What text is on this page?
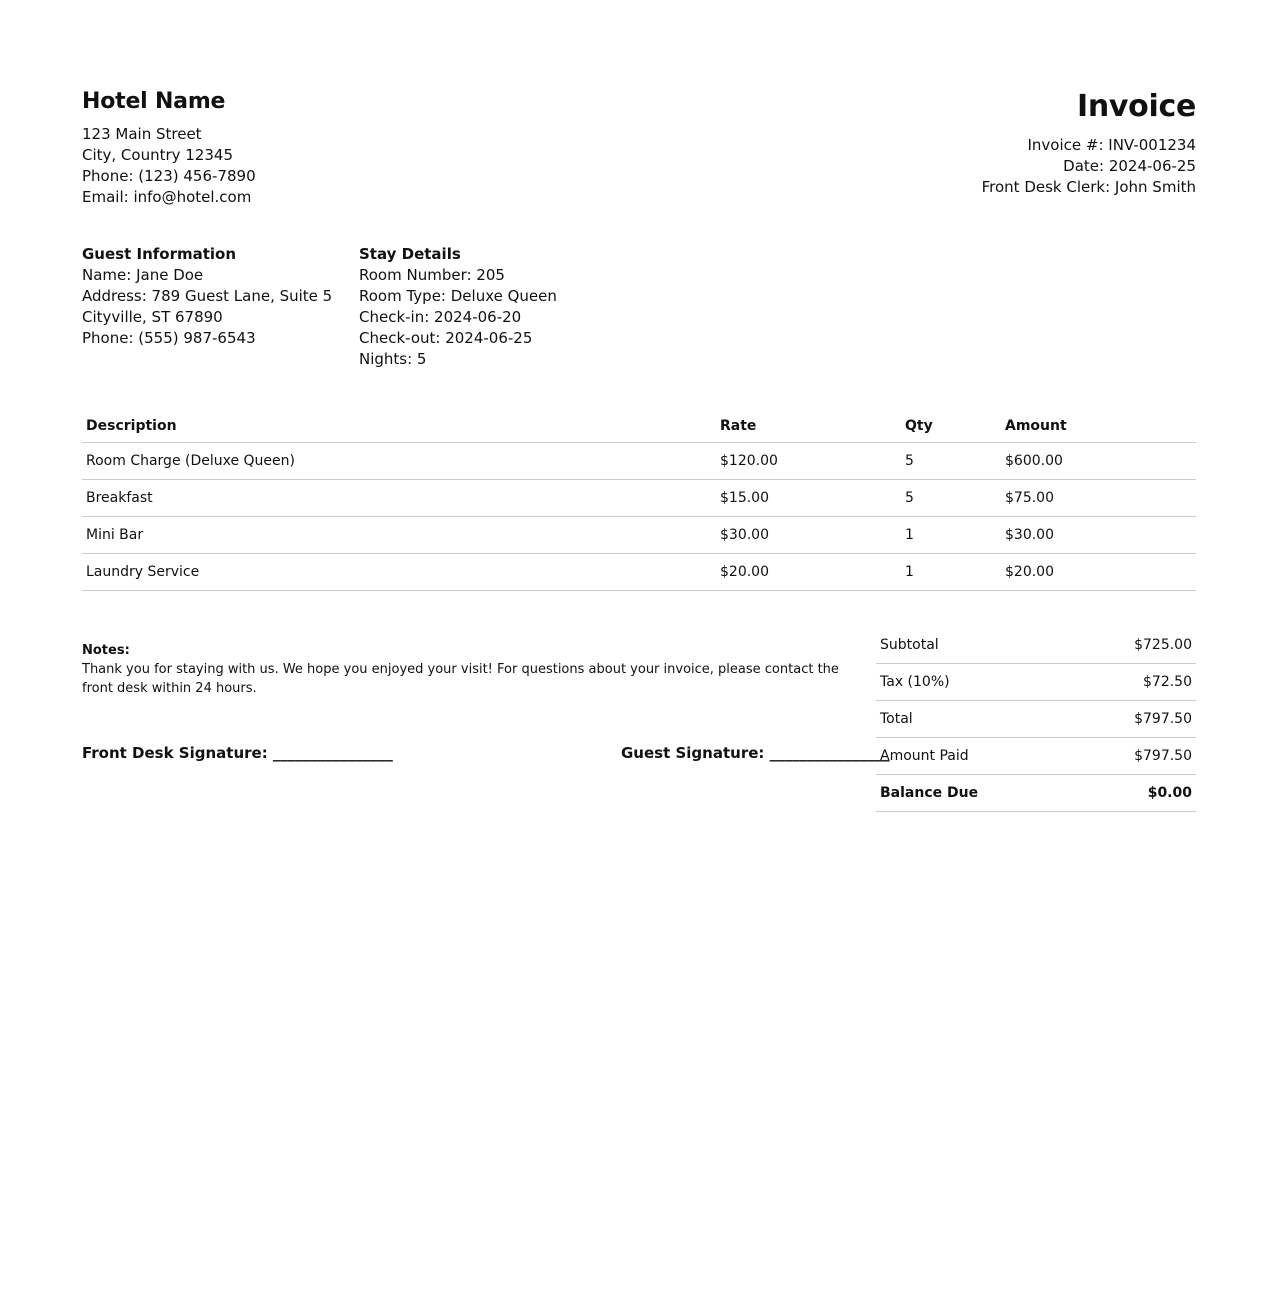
Hotel Name
123 Main Street
City, Country 12345
Phone: (123) 456-7890
Email: info@hotel.com
Invoice
Invoice #: INV-001234
Date: 2024-06-25
Front Desk Clerk: John Smith
Guest Information
Name: Jane Doe
Address: 789 Guest Lane, Suite 5
Cityville, ST 67890
Phone: (555) 987-6543
Stay Details
Room Number: 205
Room Type: Deluxe Queen
Check-in: 2024-06-20
Check-out: 2024-06-25
Nights: 5
Description	Rate	Qty	Amount
Room Charge (Deluxe Queen)	$120.00	5	$600.00
Breakfast	$15.00	5	$75.00
Mini Bar	$30.00	1	$30.00
Laundry Service	$20.00	1	$20.00
Notes:
Thank you for staying with us. We hope you enjoyed your visit! For questions about your invoice, please contact the front desk within 24 hours.
Front Desk Signature: ________________	Guest Signature: ________________
Subtotal	$725.00
Tax (10%)	$72.50
Total	$797.50
Amount Paid	$797.50
Balance Due	$0.00
